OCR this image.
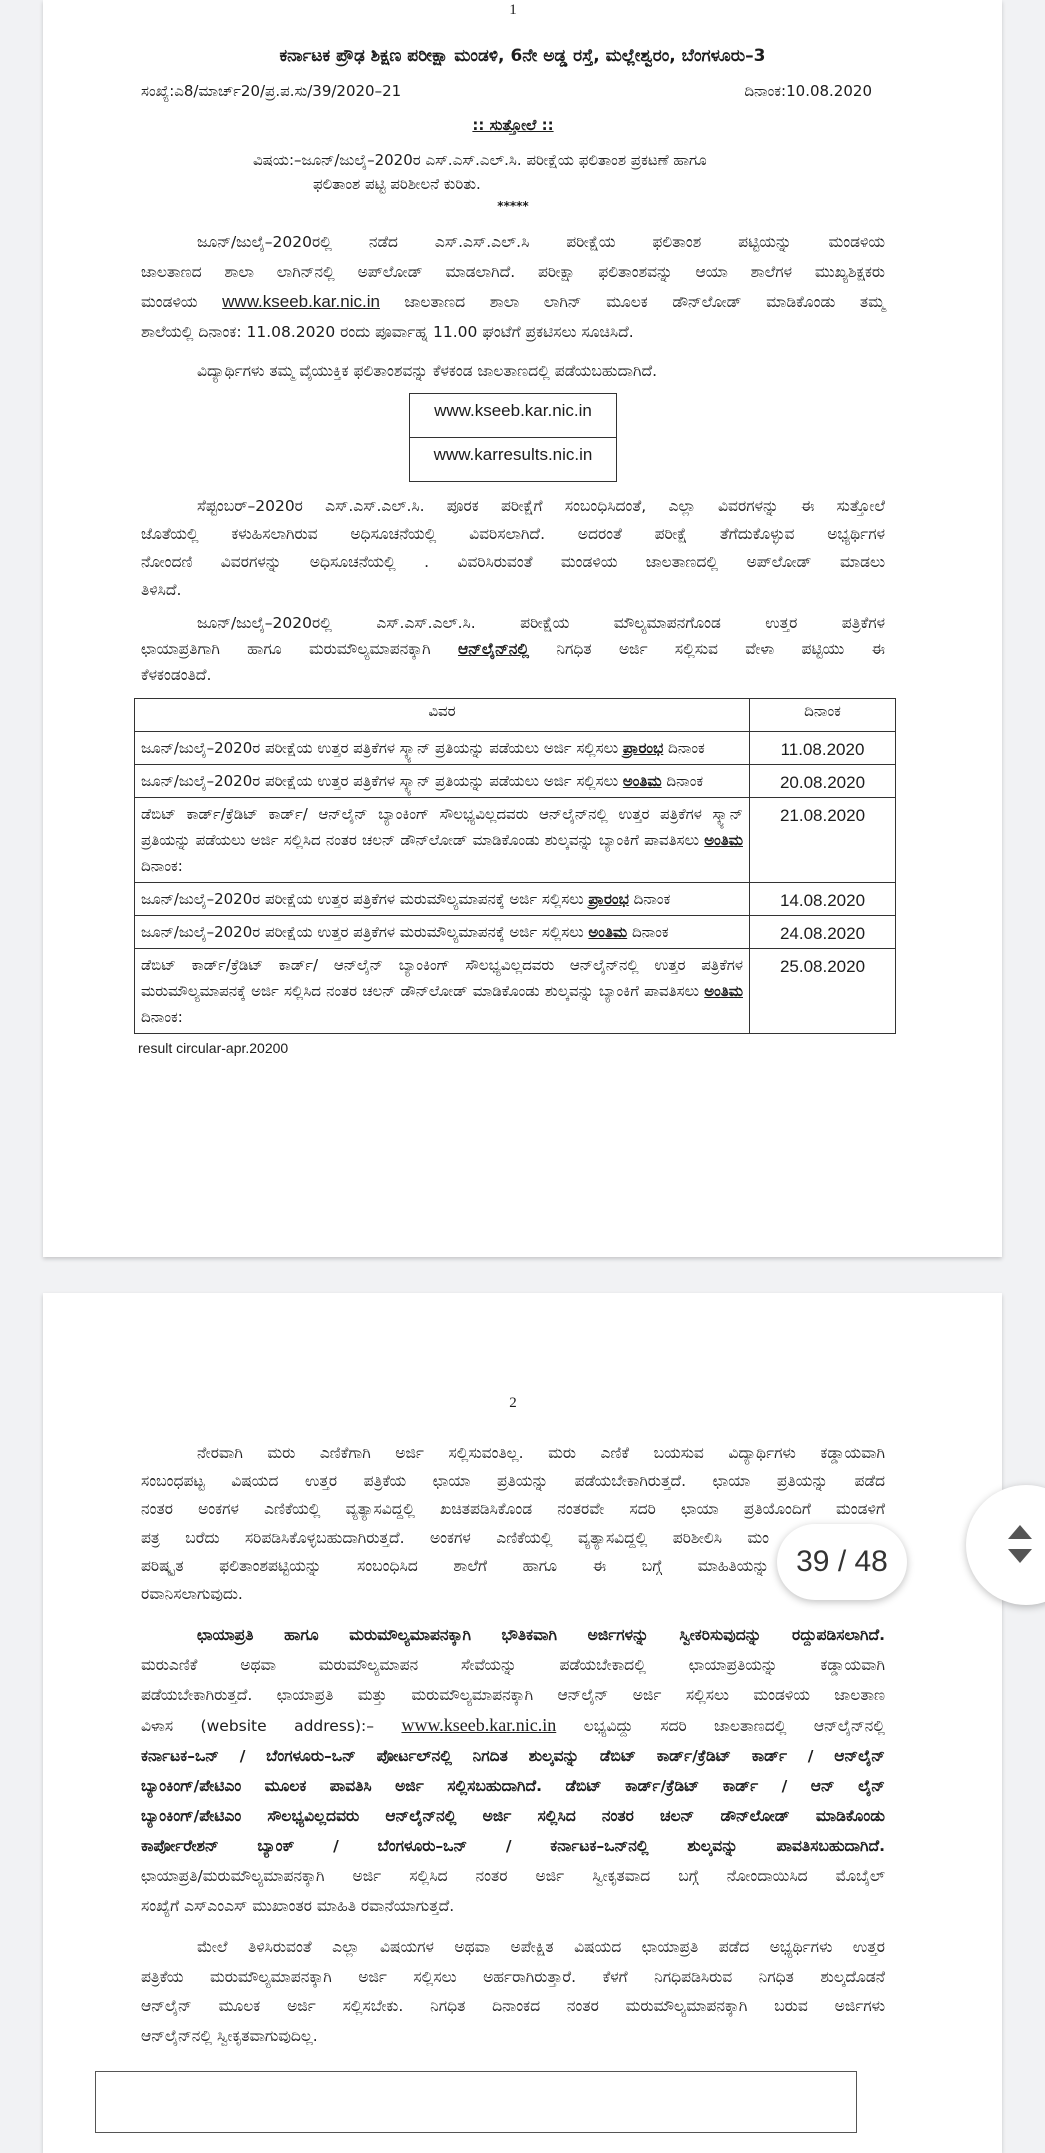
1
ಕರ್ನಾಟಕ ಪ್ರೌಢ ಶಿಕ್ಷಣ ಪರೀಕ್ಷಾ ಮಂಡಳಿ, 6ನೇ ಅಡ್ಡ ರಸ್ತೆ, ಮಲ್ಲೇಶ್ವರಂ, ಬೆಂಗಳೂರು–3
ಸಂಖ್ಯೆ:ಎ8/ಮಾರ್ಚ್20/ಪ್ರ.ಪ.ಸು/39/2020–21	ದಿನಾಂಕ:10.08.2020
:: ಸುತ್ತೋಲೆ ::
ವಿಷಯ:–ಜೂನ್/ಜುಲೈ–2020ರ ಎಸ್.ಎಸ್.ಎಲ್.ಸಿ. ಪರೀಕ್ಷೆಯ ಫಲಿತಾಂಶ ಪ್ರಕಟಣೆ ಹಾಗೂ
ಫಲಿತಾಂಶ ಪಟ್ಟಿ ಪರಿಶೀಲನೆ ಕುರಿತು.
*****
ಜೂನ್/ಜುಲೈ–2020ರಲ್ಲಿ ನಡೆದ ಎಸ್.ಎಸ್.ಎಲ್.ಸಿ ಪರೀಕ್ಷೆಯ ಫಲಿತಾಂಶ ಪಟ್ಟಿಯನ್ನು ಮಂಡಳಿಯ
ಜಾಲತಾಣದ ಶಾಲಾ ಲಾಗಿನ್‌ನಲ್ಲಿ ಅಪ್‌ಲೋಡ್ ಮಾಡಲಾಗಿದೆ. ಪರೀಕ್ಷಾ ಫಲಿತಾಂಶವನ್ನು ಆಯಾ ಶಾಲೆಗಳ ಮುಖ್ಯಶಿಕ್ಷಕರು
ಮಂಡಳಿಯ www.kseeb.kar.nic.in ಜಾಲತಾಣದ ಶಾಲಾ ಲಾಗಿನ್ ಮೂಲಕ ಡೌನ್‌ಲೋಡ್ ಮಾಡಿಕೊಂಡು ತಮ್ಮ
ಶಾಲೆಯಲ್ಲಿ ದಿನಾಂಕ: 11.08.2020 ರಂದು ಪೂರ್ವಾಹ್ನ 11.00 ಘಂಟೆಗೆ ಪ್ರಕಟಿಸಲು ಸೂಚಿಸಿದೆ.
ವಿದ್ಯಾರ್ಥಿಗಳು ತಮ್ಮ ವೈಯುಕ್ತಿಕ ಫಲಿತಾಂಶವನ್ನು ಕೆಳಕಂಡ ಜಾಲತಾಣದಲ್ಲಿ ಪಡೆಯಬಹುದಾಗಿದೆ.
www.kseeb.kar.nic.in
www.karresults.nic.in
ಸೆಪ್ಟಂಬರ್–2020ರ ಎಸ್.ಎಸ್.ಎಲ್.ಸಿ. ಪೂರಕ ಪರೀಕ್ಷೆಗೆ ಸಂಬಂಧಿಸಿದಂತೆ, ಎಲ್ಲಾ ವಿವರಗಳನ್ನು ಈ ಸುತ್ತೋಲೆ
ಜೊತೆಯಲ್ಲಿ ಕಳುಹಿಸಲಾಗಿರುವ ಅಧಿಸೂಚನೆಯಲ್ಲಿ ವಿವರಿಸಲಾಗಿದೆ. ಅದರಂತೆ ಪರೀಕ್ಷೆ ತೆಗೆದುಕೊಳ್ಳುವ ಅಭ್ಯರ್ಥಿಗಳ
ನೋಂದಣಿ ವಿವರಗಳನ್ನು ಅಧಿಸೂಚನೆಯಲ್ಲಿ . ವಿವರಿಸಿರುವಂತೆ ಮಂಡಳಿಯ ಜಾಲತಾಣದಲ್ಲಿ ಅಪ್‌ಲೋಡ್ ಮಾಡಲು
ತಿಳಿಸಿದೆ.
ಜೂನ್/ಜುಲೈ–2020ರಲ್ಲಿ ಎಸ್.ಎಸ್.ಎಲ್.ಸಿ. ಪರೀಕ್ಷೆಯ ಮೌಲ್ಯಮಾಪನಗೊಂಡ ಉತ್ತರ ಪತ್ರಿಕೆಗಳ
ಛಾಯಾಪ್ರತಿಗಾಗಿ ಹಾಗೂ ಮರುಮೌಲ್ಯಮಾಪನಕ್ಕಾಗಿ ಆನ್‌ಲೈನ್‌ನಲ್ಲಿ ನಿಗಧಿತ ಅರ್ಜಿ ಸಲ್ಲಿಸುವ ವೇಳಾ ಪಟ್ಟಿಯು ಈ
ಕೆಳಕಂಡಂತಿದೆ.
ವಿವರ	ದಿನಾಂಕ
ಜೂನ್/ಜುಲೈ–2020ರ ಪರೀಕ್ಷೆಯ ಉತ್ತರ ಪತ್ರಿಕೆಗಳ ಸ್ಕ್ಯಾನ್ ಪ್ರತಿಯನ್ನು ಪಡೆಯಲು ಅರ್ಜಿ ಸಲ್ಲಿಸಲು ಪ್ರಾರಂಭ ದಿನಾಂಕ	11.08.2020
ಜೂನ್/ಜುಲೈ–2020ರ ಪರೀಕ್ಷೆಯ ಉತ್ತರ ಪತ್ರಿಕೆಗಳ ಸ್ಕ್ಯಾನ್ ಪ್ರತಿಯನ್ನು ಪಡೆಯಲು ಅರ್ಜಿ ಸಲ್ಲಿಸಲು ಅಂತಿಮ ದಿನಾಂಕ	20.08.2020
ಡೆಬಿಟ್ ಕಾರ್ಡ್/ಕ್ರೆಡಿಟ್ ಕಾರ್ಡ್/ ಆನ್‌ಲೈನ್ ಬ್ಯಾಂಕಿಂಗ್ ಸೌಲಭ್ಯವಿಲ್ಲದವರು ಆನ್‌ಲೈನ್‌ನಲ್ಲಿ ಉತ್ತರ ಪತ್ರಿಕೆಗಳ ಸ್ಕ್ಯಾನ್ ಪ್ರತಿಯನ್ನು ಪಡೆಯಲು ಅರ್ಜಿ ಸಲ್ಲಿಸಿದ ನಂತರ ಚಲನ್ ಡೌನ್‌ಲೋಡ್ ಮಾಡಿಕೊಂಡು ಶುಲ್ಕವನ್ನು ಬ್ಯಾಂಕಿಗೆ ಪಾವತಿಸಲು ಅಂತಿಮ ದಿನಾಂಕ:	21.08.2020
ಜೂನ್/ಜುಲೈ–2020ರ ಪರೀಕ್ಷೆಯ ಉತ್ತರ ಪತ್ರಿಕೆಗಳ ಮರುಮೌಲ್ಯಮಾಪನಕ್ಕೆ ಅರ್ಜಿ ಸಲ್ಲಿಸಲು ಪ್ರಾರಂಭ ದಿನಾಂಕ	14.08.2020
ಜೂನ್/ಜುಲೈ–2020ರ ಪರೀಕ್ಷೆಯ ಉತ್ತರ ಪತ್ರಿಕೆಗಳ ಮರುಮೌಲ್ಯಮಾಪನಕ್ಕೆ ಅರ್ಜಿ ಸಲ್ಲಿಸಲು ಅಂತಿಮ ದಿನಾಂಕ	24.08.2020
ಡೆಬಿಟ್ ಕಾರ್ಡ್/ಕ್ರೆಡಿಟ್ ಕಾರ್ಡ್/ ಆನ್‌ಲೈನ್ ಬ್ಯಾಂಕಿಂಗ್ ಸೌಲಭ್ಯವಿಲ್ಲದವರು ಆನ್‌ಲೈನ್‌ನಲ್ಲಿ ಉತ್ತರ ಪತ್ರಿಕೆಗಳ ಮರುಮೌಲ್ಯಮಾಪನಕ್ಕೆ ಅರ್ಜಿ ಸಲ್ಲಿಸಿದ ನಂತರ ಚಲನ್ ಡೌನ್‌ಲೋಡ್ ಮಾಡಿಕೊಂಡು ಶುಲ್ಕವನ್ನು ಬ್ಯಾಂಕಿಗೆ ಪಾವತಿಸಲು ಅಂತಿಮ ದಿನಾಂಕ:	25.08.2020
result circular-apr.20200
2
ನೇರವಾಗಿ ಮರು ಎಣಿಕೆಗಾಗಿ ಅರ್ಜಿ ಸಲ್ಲಿಸುವಂತಿಲ್ಲ. ಮರು ಎಣಿಕೆ ಬಯಸುವ ವಿದ್ಯಾರ್ಥಿಗಳು ಕಡ್ಡಾಯವಾಗಿ
ಸಂಬಂಧಪಟ್ಟ ವಿಷಯದ ಉತ್ತರ ಪತ್ರಿಕೆಯ ಛಾಯಾ ಪ್ರತಿಯನ್ನು ಪಡೆಯಬೇಕಾಗಿರುತ್ತದೆ. ಛಾಯಾ ಪ್ರತಿಯನ್ನು ಪಡೆದ
ನಂತರ ಅಂಕಗಳ ಎಣಿಕೆಯಲ್ಲಿ ವ್ಯತ್ಯಾಸವಿದ್ದಲ್ಲಿ ಖಚಿತಪಡಿಸಿಕೊಂಡ ನಂತರವೇ ಸದರಿ ಛಾಯಾ ಪ್ರತಿಯೊಂದಿಗೆ ಮಂಡಳಿಗೆ
39 / 48
ಪತ್ರ ಬರೆದು ಸರಿಪಡಿಸಿಕೊಳ್ಳಬಹುದಾಗಿರುತ್ತದೆ. ಅಂಕಗಳ ಎಣಿಕೆಯಲ್ಲಿ ವ್ಯತ್ಯಾಸವಿದ್ದಲ್ಲಿ ಪರಿಶೀಲಿಸಿ ಮಂ
ಪರಿಷ್ಕೃತ ಫಲಿತಾಂಶಪಟ್ಟಿಯನ್ನು ಸಂಬಂಧಿಸಿದ ಶಾಲೆಗೆ ಹಾಗೂ ಈ ಬಗ್ಗೆ ಮಾಹಿತಿಯನ್ನು
ರವಾನಿಸಲಾಗುವುದು.
ಛಾಯಾಪ್ರತಿ ಹಾಗೂ ಮರುಮೌಲ್ಯಮಾಪನಕ್ಕಾಗಿ ಭೌತಿಕವಾಗಿ ಅರ್ಜಿಗಳನ್ನು ಸ್ವೀಕರಿಸುವುದನ್ನು ರದ್ದುಪಡಿಸಲಾಗಿದೆ.
ಮರುಎಣಿಕೆ ಅಥವಾ ಮರುಮೌಲ್ಯಮಾಪನ ಸೇವೆಯನ್ನು ಪಡೆಯಬೇಕಾದಲ್ಲಿ ಛಾಯಾಪ್ರತಿಯನ್ನು ಕಡ್ಡಾಯವಾಗಿ
ಪಡೆಯಬೇಕಾಗಿರುತ್ತದೆ. ಛಾಯಾಪ್ರತಿ ಮತ್ತು ಮರುಮೌಲ್ಯಮಾಪನಕ್ಕಾಗಿ ಆನ್‌ಲೈನ್ ಅರ್ಜಿ ಸಲ್ಲಿಸಲು ಮಂಡಳಿಯ ಜಾಲತಾಣ
ವಿಳಾಸ (website address):– www.kseeb.kar.nic.in ಲಭ್ಯವಿದ್ದು ಸದರಿ ಜಾಲತಾಣದಲ್ಲಿ ಆನ್‌ಲೈನ್‌ನಲ್ಲಿ
ಕರ್ನಾಟಕ–ಒನ್ / ಬೆಂಗಳೂರು–ಒನ್ ಪೋರ್ಟಲ್‌ನಲ್ಲಿ ನಿಗದಿತ ಶುಲ್ಕವನ್ನು ಡೆಬಿಟ್ ಕಾರ್ಡ್/ಕ್ರೆಡಿಟ್ ಕಾರ್ಡ್ / ಆನ್‌ಲೈನ್
ಬ್ಯಾಂಕಿಂಗ್/ಪೇಟಿಎಂ ಮೂಲಕ ಪಾವತಿಸಿ ಅರ್ಜಿ ಸಲ್ಲಿಸಬಹುದಾಗಿದೆ. ಡೆಬಿಟ್ ಕಾರ್ಡ್/ಕ್ರೆಡಿಟ್ ಕಾರ್ಡ್ / ಆನ್ ಲೈನ್
ಬ್ಯಾಂಕಿಂಗ್/ಪೇಟಿಎಂ ಸೌಲಭ್ಯವಿಲ್ಲದವರು ಆನ್‌ಲೈನ್‌ನಲ್ಲಿ ಅರ್ಜಿ ಸಲ್ಲಿಸಿದ ನಂತರ ಚಲನ್ ಡೌನ್‌ಲೋಡ್ ಮಾಡಿಕೊಂಡು
ಕಾರ್ಪೋರೇಶನ್ ಬ್ಯಾಂಕ್ / ಬೆಂಗಳೂರು–ಒನ್ / ಕರ್ನಾಟಕ–ಒನ್‌ನಲ್ಲಿ ಶುಲ್ಕವನ್ನು ಪಾವತಿಸಬಹುದಾಗಿದೆ.
ಛಾಯಾಪ್ರತಿ/ಮರುಮೌಲ್ಯಮಾಪನಕ್ಕಾಗಿ ಅರ್ಜಿ ಸಲ್ಲಿಸಿದ ನಂತರ ಅರ್ಜಿ ಸ್ವೀಕೃತವಾದ ಬಗ್ಗೆ ನೋಂದಾಯಿಸಿದ ಮೊಬೈಲ್
ಸಂಖ್ಯೆಗೆ ಎಸ್‌ಎಂಎಸ್ ಮುಖಾಂತರ ಮಾಹಿತಿ ರವಾನೆಯಾಗುತ್ತದೆ.
ಮೇಲೆ ತಿಳಿಸಿರುವಂತೆ ಎಲ್ಲಾ ವಿಷಯಗಳ ಅಥವಾ ಅಪೇಕ್ಷಿತ ವಿಷಯದ ಛಾಯಾಪ್ರತಿ ಪಡೆದ ಅಭ್ಯರ್ಥಿಗಳು ಉತ್ತರ
ಪತ್ರಿಕೆಯ ಮರುಮೌಲ್ಯಮಾಪನಕ್ಕಾಗಿ ಅರ್ಜಿ ಸಲ್ಲಿಸಲು ಅರ್ಹರಾಗಿರುತ್ತಾರೆ. ಕೆಳಗೆ ನಿಗಧಿಪಡಿಸಿರುವ ನಿಗಧಿತ ಶುಲ್ಕದೊಡನೆ
ಆನ್‌ಲೈನ್ ಮೂಲಕ ಅರ್ಜಿ ಸಲ್ಲಿಸಬೇಕು. ನಿಗಧಿತ ದಿನಾಂಕದ ನಂತರ ಮರುಮೌಲ್ಯಮಾಪನಕ್ಕಾಗಿ ಬರುವ ಅರ್ಜಿಗಳು
ಆನ್‌ಲೈನ್‌ನಲ್ಲಿ ಸ್ವೀಕೃತವಾಗುವುದಿಲ್ಲ.
